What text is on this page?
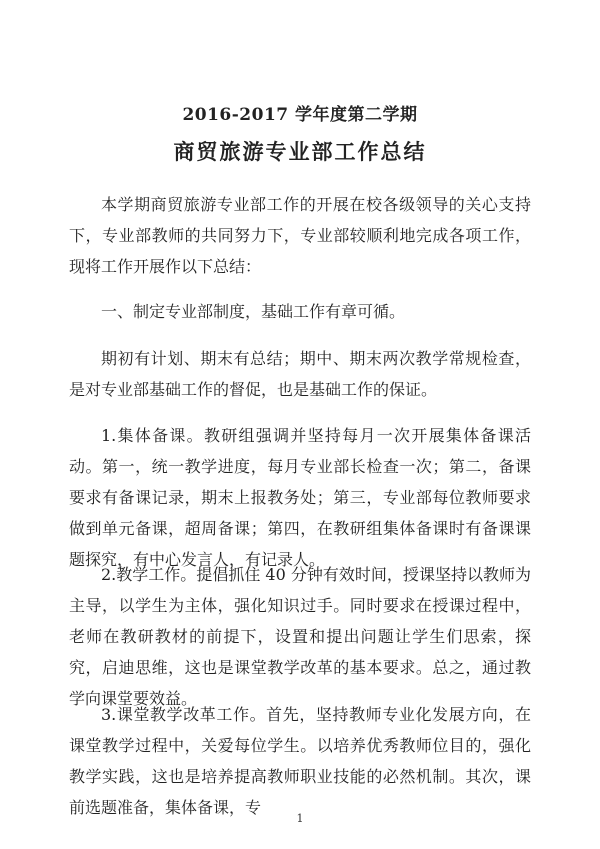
2016-2017 学年度第二学期
商贸旅游专业部工作总结

本学期商贸旅游专业部工作的开展在校各级领导的关心支持下，专业部教师的共同努力下，专业部较顺利地完成各项工作，现将工作开展作以下总结：

一、制定专业部制度，基础工作有章可循。

期初有计划、期末有总结；期中、期末两次教学常规检查，是对专业部基础工作的督促，也是基础工作的保证。

1.集体备课。教研组强调并坚持每月一次开展集体备课活动。第一，统一教学进度，每月专业部长检查一次；第二，备课要求有备课记录，期末上报教务处；第三，专业部每位教师要求做到单元备课，超周备课；第四，在教研组集体备课时有备课课题探究，有中心发言人，有记录人。

2.教学工作。提倡抓住 40 分钟有效时间，授课坚持以教师为主导，以学生为主体，强化知识过手。同时要求在授课过程中，老师在教研教材的前提下，设置和提出问题让学生们思索，探究，启迪思维，这也是课堂教学改革的基本要求。总之，通过教学向课堂要效益。

3.课堂教学改革工作。首先，坚持教师专业化发展方向，在课堂教学过程中，关爱每位学生。以培养优秀教师位目的，强化教学实践，这也是培养提高教师职业技能的必然机制。其次，课前选题准备，集体备课，专

1
